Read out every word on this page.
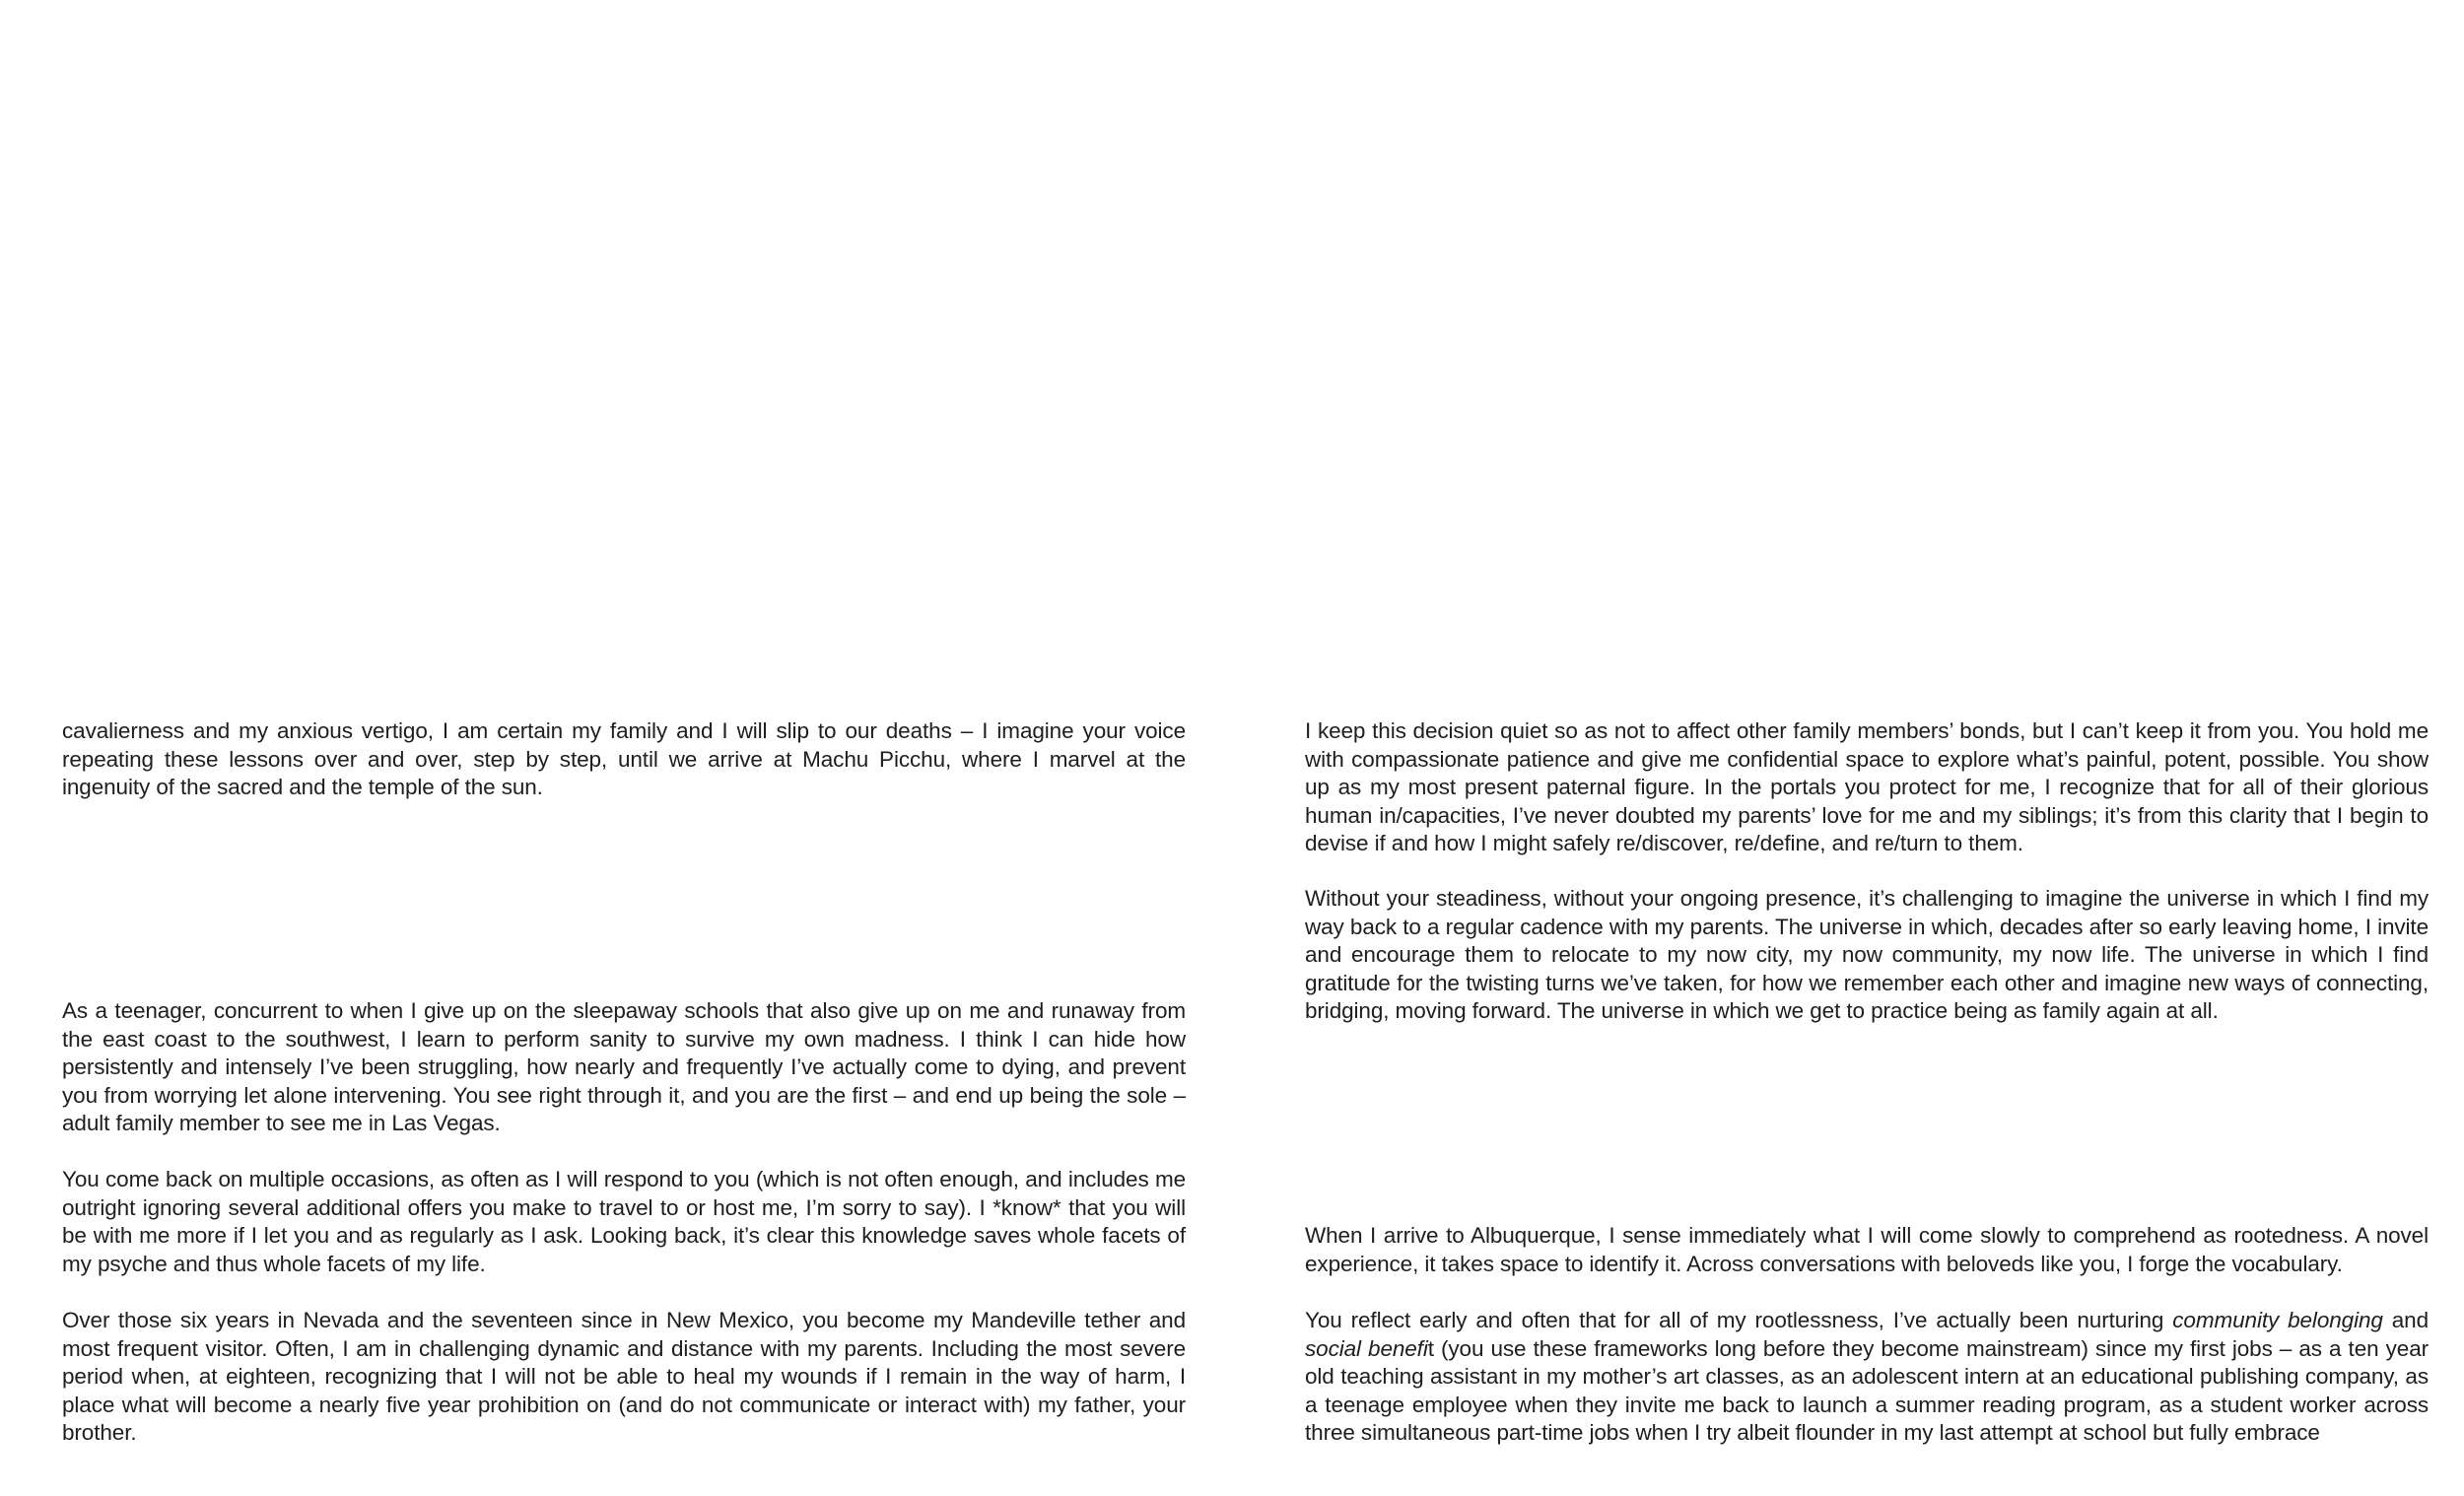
cavalierness and my anxious vertigo, I am certain my family and I will slip to our deaths – I imagine your voice repeating these lessons over and over, step by step, until we arrive at Machu Picchu, where I marvel at the ingenuity of the sacred and the temple of the sun.

As a teenager, concurrent to when I give up on the sleepaway schools that also give up on me and runaway from the east coast to the southwest, I learn to perform sanity to survive my own madness. I think I can hide how persistently and intensely I’ve been struggling, how nearly and frequently I’ve actually come to dying, and prevent you from worrying let alone intervening. You see right through it, and you are the first – and end up being the sole – adult family member to see me in Las Vegas.

You come back on multiple occasions, as often as I will respond to you (which is not often enough, and includes me outright ignoring several additional offers you make to travel to or host me, I’m sorry to say). I *know* that you will be with me more if I let you and as regularly as I ask. Looking back, it’s clear this knowledge saves whole facets of my psyche and thus whole facets of my life.

Over those six years in Nevada and the seventeen since in New Mexico, you become my Mandeville tether and most frequent visitor. Often, I am in challenging dynamic and distance with my parents. Including the most severe period when, at eighteen, recognizing that I will not be able to heal my wounds if I remain in the way of harm, I place what will become a nearly five year prohibition on (and do not communicate or interact with) my father, your brother.

I keep this decision quiet so as not to affect other family members’ bonds, but I can’t keep it from you. You hold me with compassionate patience and give me confidential space to explore what’s painful, potent, possible. You show up as my most present paternal figure. In the portals you protect for me, I recognize that for all of their glorious human in/capacities, I’ve never doubted my parents’ love for me and my siblings; it’s from this clarity that I begin to devise if and how I might safely re/discover, re/define, and re/turn to them.

Without your steadiness, without your ongoing presence, it’s challenging to imagine the universe in which I find my way back to a regular cadence with my parents. The universe in which, decades after so early leaving home, I invite and encourage them to relocate to my now city, my now community, my now life. The universe in which I find gratitude for the twisting turns we’ve taken, for how we remember each other and imagine new ways of connecting, bridging, moving forward. The universe in which we get to practice being as family again at all.

When I arrive to Albuquerque, I sense immediately what I will come slowly to comprehend as rootedness. A novel experience, it takes space to identify it. Across conversations with beloveds like you, I forge the vocabulary.

You reflect early and often that for all of my rootlessness, I’ve actually been nurturing community belonging and social benefit (you use these frameworks long before they become mainstream) since my first jobs – as a ten year old teaching assistant in my mother’s art classes, as an adolescent intern at an educational publishing company, as a teenage employee when they invite me back to launch a summer reading program, as a student worker across three simultaneous part-time jobs when I try albeit flounder in my last attempt at school but fully embrace
